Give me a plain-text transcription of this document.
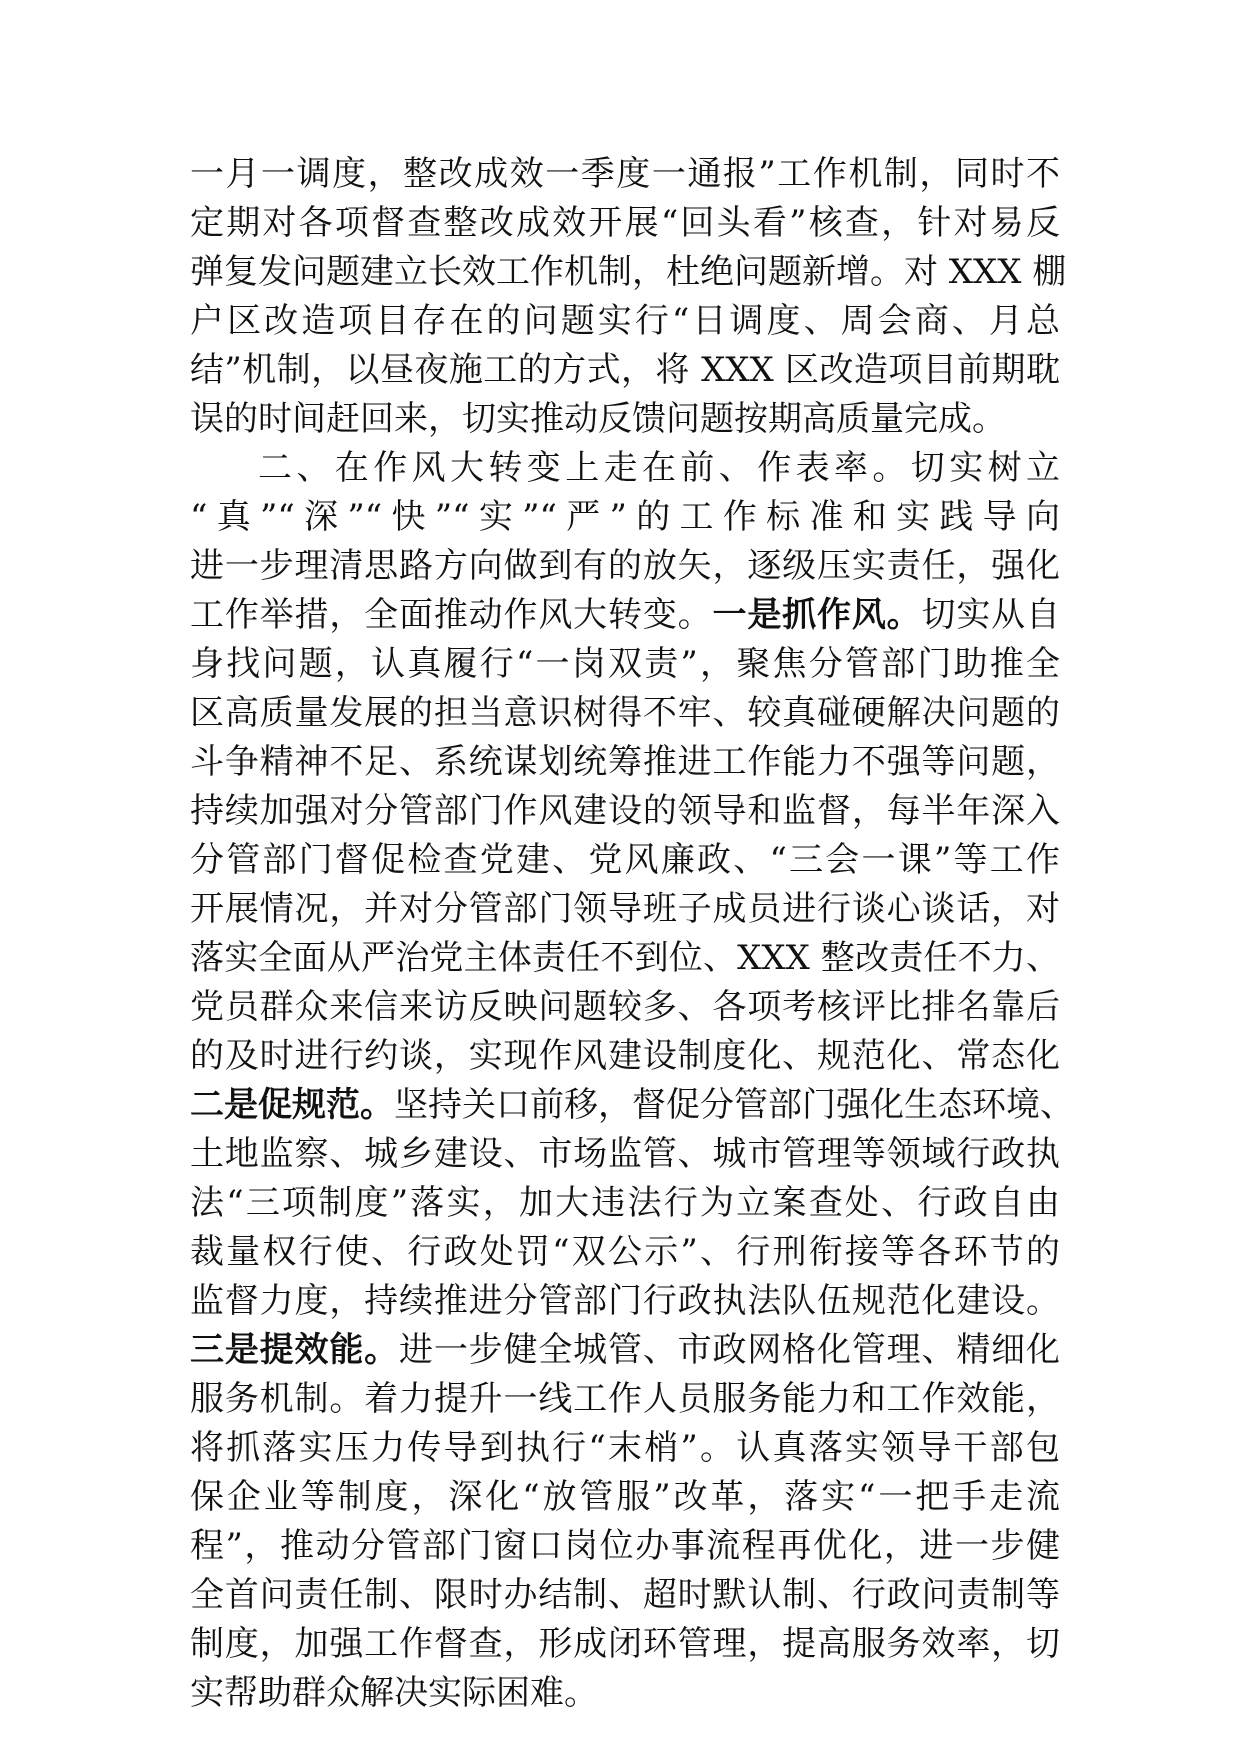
一月一调度，整改成效一季度一通报”工作机制，同时不
定期对各项督查整改成效开展“回头看”核查，针对易反
弹复发问题建立长效工作机制，杜绝问题新增。对 XXX 棚
户区改造项目存在的问题实行“日调度、周会商、月总
结”机制，以昼夜施工的方式，将 XXX 区改造项目前期耽
误的时间赶回来，切实推动反馈问题按期高质量完成。
二、在作风大转变上走在前、作表率。切实树立
“真”“深”“快”“实”“严”的工作标准和实践导向
进一步理清思路方向做到有的放矢，逐级压实责任，强化
工作举措，全面推动作风大转变。一是抓作风。切实从自
身找问题，认真履行“一岗双责”，聚焦分管部门助推全
区高质量发展的担当意识树得不牢、较真碰硬解决问题的
斗争精神不足、系统谋划统筹推进工作能力不强等问题，
持续加强对分管部门作风建设的领导和监督，每半年深入
分管部门督促检查党建、党风廉政、“三会一课”等工作
开展情况，并对分管部门领导班子成员进行谈心谈话，对
落实全面从严治党主体责任不到位、XXX 整改责任不力、
党员群众来信来访反映问题较多、各项考核评比排名靠后
的及时进行约谈，实现作风建设制度化、规范化、常态化
二是促规范。坚持关口前移，督促分管部门强化生态环境、
土地监察、城乡建设、市场监管、城市管理等领域行政执
法“三项制度”落实，加大违法行为立案查处、行政自由
裁量权行使、行政处罚“双公示”、行刑衔接等各环节的
监督力度，持续推进分管部门行政执法队伍规范化建设。
三是提效能。进一步健全城管、市政网格化管理、精细化
服务机制。着力提升一线工作人员服务能力和工作效能，
将抓落实压力传导到执行“末梢”。认真落实领导干部包
保企业等制度，深化“放管服”改革，落实“一把手走流
程”，推动分管部门窗口岗位办事流程再优化，进一步健
全首问责任制、限时办结制、超时默认制、行政问责制等
制度，加强工作督查，形成闭环管理，提高服务效率，切
实帮助群众解决实际困难。
